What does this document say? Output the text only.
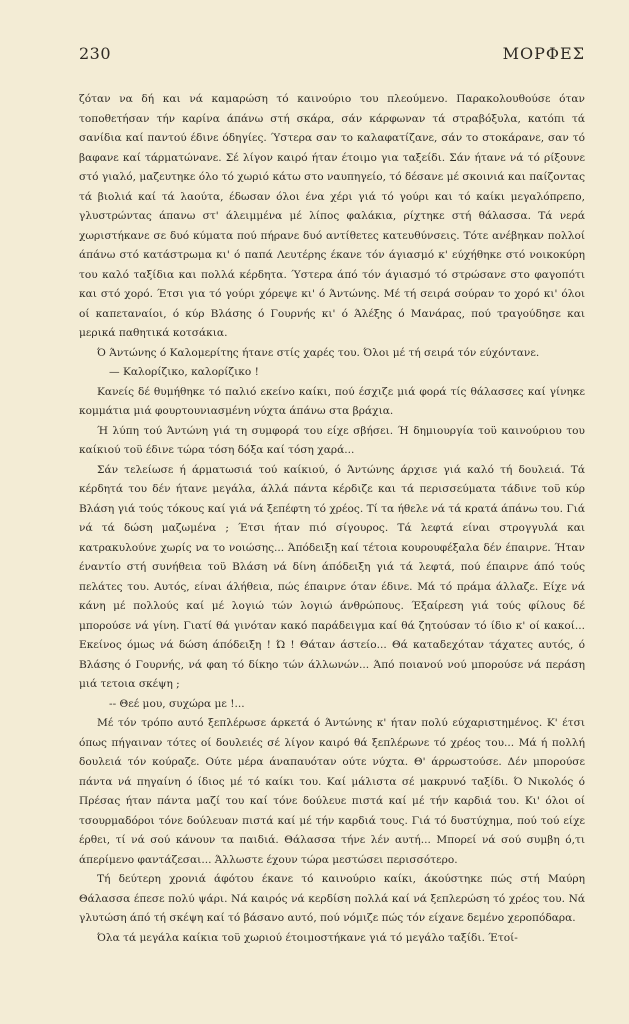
230	ΜΟΡΦΕΣ

ζόταν να δή και νά καμαρώση τό καινούριο του πλεούμενο. Παρακολουθούσε όταν τοποθετήσαν τήν καρίνα άπάνω στή σκάρα, σάν κάρφωναν τά στραβόξυλα, κατόπι τά σανίδια καί παντού έδινε όδηγίες. Ύστερα σαν το καλαφατίζανε, σάν το στοκάρανε, σαν τό βαφανε καί τάρματώνανε. Σέ λίγον καιρό ήταν έτοιμο για ταξείδι. Σάν ήτανε νά τό ρίξουνε στό γιαλό, μαζευτηκε όλο τό χωριό κάτω στο ναυπηγείο, τό δέσανε μέ σκοινιά και παίζοντας τά βιολιά καί τά λαούτα, έδωσαν όλοι ένα χέρι γιά τό γούρι και τό καίκι μεγαλόπρεπο, γλυστρώντας άπανω στ' άλειμμένα μέ λίπος φαλάκια, ρίχτηκε στή θάλασσα. Τά νερά χωριστήκανε σε δυό κύματα πού πήρανε δυό αντίθετες κατευθύνσεις. Τότε ανέβηκαν πολλοί άπάνω στό κατάστρωμα κι' ό παπά Λευτέρης έκανε τόν άγιασμό κ' εύχήθηκε στό νοικοκύρη του καλό ταξίδια και πολλά κέρδητα. Ύστερα άπό τόν άγιασμό τό στρώσανε στο φαγοπότι και στό χορό. Έτσι για τό γούρι χόρεψε κι' ό Άντώνης. Μέ τή σειρά σούραν το χορό κι' όλοι οί καπεταναίοι, ό κύρ Βλάσης ό Γουρνής κι' ό Άλέξης ό Μανάρας, πού τραγούδησε και μερικά παθητικά κοτσάκια.

Ό Άντώνης ό Καλομερίτης ήτανε στίς χαρές του. Όλοι μέ τή σειρά τόν εύχόντανε.

— Καλορίζικο, καλορίζικο !

Κανείς δέ θυμήθηκε τό παλιό εκείνο καίκι, πού έσχιζε μιά φορά τίς θάλασσες καί γίνηκε κομμάτια μιά φουρτουνιασμένη νύχτα άπάνω στα βράχια.

Ή λύπη τού Άντώνη γιά τη συμφορά του είχε σβήσει. Ή δημιουργία τοϋ καινούριου του καίκιού τοϋ έδινε τώρα τόση δόξα καί τόση χαρά...

Σάν τελείωσε ή άρματωσιά τού καίκιού, ό Άντώνης άρχισε γιά καλό τή δουλειά. Τά κέρδητά του δέν ήτανε μεγάλα, άλλά πάντα κέρδιζε και τά περισσεύματα τάδινε τοϋ κύρ Βλάση γιά τούς τόκους καί γιά νά ξεπέφτη τό χρέος. Τί τα ήθελε νά τά κρατά άπάνω του. Γιά νά τά δώση μαζωμένα ; Έτσι ήταν πιό σίγουρος. Τά λεφτά είναι στρογγυλά και κατρακυλούνε χωρίς να το νοιώσης... Άπόδειξη καί τέτοια κουρουφέξαλα δέν έπαιρνε. Ήταν έναντίο στή συνήθεια τοϋ Βλάση νά δίνη άπόδειξη γιά τά λεφτά, πού έπαιρνε άπό τούς πελάτες του. Αυτός, είναι άλήθεια, πώς έπαιρνε όταν έδινε. Μά τό πράμα άλλαζε. Είχε νά κάνη μέ πολλούς καί μέ λογιώ τών λογιώ άνθρώπους. Έξαίρεση γιά τούς φίλους δέ μπορούσε νά γίνη. Γιατί θά γινόταν κακό παράδειγμα καί θά ζητούσαν τό ίδιο κ' οί κακοί... Εκείνος όμως νά δώση άπόδειξη ! Ώ ! Θάταν άστείο... Θά καταδεχόταν τάχατες αυτός, ό Βλάσης ό Γουρνής, νά φαη τό δίκηο τών άλλωνών... Άπό ποιανού νού μπορούσε νά περάση μιά τετοια σκέψη ;

-- Θεέ μου, συχώρα με !...

Μέ τόν τρόπο αυτό ξεπλέρωσε άρκετά ό Άντώνης κ' ήταν πολύ εύχαριστημένος. Κ' έτσι όπως πήγαιναν τότες οί δουλειές σέ λίγον καιρό θά ξεπλέρωνε τό χρέος του... Μά ή πολλή δουλειά τόν κούραζε. Ούτε μέρα άναπαυόταν ούτε νύχτα. Θ' άρρωστούσε. Δέν μπορούσε πάντα νά πηγαίνη ό ίδιος μέ τό καίκι του. Καί μάλιστα σέ μακρυνό ταξίδι. Ό Νικολός ό Πρέσας ήταν πάντα μαζί του καί τόνε δούλευε πιστά καί μέ τήν καρδιά του. Κι' όλοι οί τσουρμαδόροι τόνε δούλευαν πιστά καί μέ τήν καρδιά τους. Γιά τό δυστύχημα, πού τού είχε έρθει, τί νά σού κάνουν τα παιδιά. Θάλασσα τήνε λέν αυτή... Μπορεί νά σού συμβη ό,τι άπερίμενο φαντάζεσαι... Άλλωστε έχουν τώρα μεστώσει περισσότερο.

Τή δεύτερη χρονιά άφότου έκανε τό καινούριο καίκι, άκούστηκε πώς στή Μαύρη Θάλασσα έπεσε πολύ ψάρι. Νά καιρός νά κερδίση πολλά καί νά ξεπλερώση τό χρέος του. Νά γλυτώση άπό τή σκέψη καί τό βάσανο αυτό, πού νόμιζε πώς τόν είχανε δεμένο χεροπόδαρα.

Όλα τά μεγάλα καίκια τοϋ χωριού έτοιμοστήκανε γιά τό μεγάλο ταξίδι. Έτοί-
